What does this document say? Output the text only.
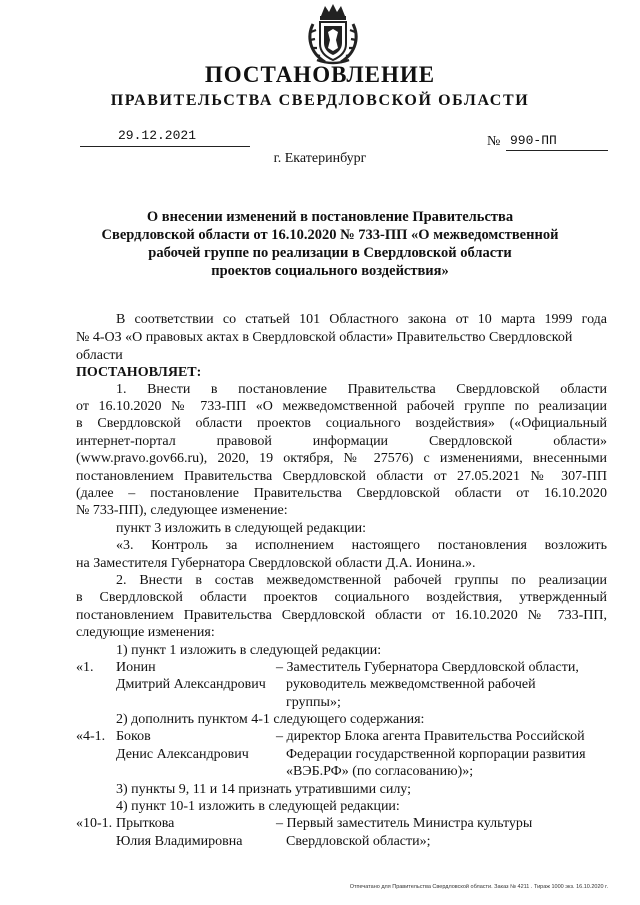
ПОСТАНОВЛЕНИЕ
ПРАВИТЕЛЬСТВА СВЕРДЛОВСКОЙ ОБЛАСТИ
29.12.2021	№ 990-ПП
г. Екатеринбург
О внесении изменений в постановление Правительства
Свердловской области от 16.10.2020 № 733-ПП «О межведомственной
рабочей группе по реализации в Свердловской области
проектов социального воздействия»
В соответствии со статьей 101 Областного закона от 10 марта 1999 года
№ 4-ОЗ «О правовых актах в Свердловской области» Правительство Свердловской
области
ПОСТАНОВЛЯЕТ:
1. Внести в постановление Правительства Свердловской области
от 16.10.2020 № 733-ПП «О межведомственной рабочей группе по реализации
в Свердловской области проектов социального воздействия» («Официальный
интернет-портал правовой информации Свердловской области»
(www.pravo.gov66.ru), 2020, 19 октября, № 27576) с изменениями, внесенными
постановлением Правительства Свердловской области от 27.05.2021 № 307-ПП
(далее – постановление Правительства Свердловской области от 16.10.2020
№ 733-ПП), следующее изменение:
пункт 3 изложить в следующей редакции:
«3. Контроль за исполнением настоящего постановления возложить
на Заместителя Губернатора Свердловской области Д.А. Ионина.».
2. Внести в состав межведомственной рабочей группы по реализации
в Свердловской области проектов социального воздействия, утвержденный
постановлением Правительства Свердловской области от 16.10.2020 № 733-ПП,
следующие изменения:
1) пункт 1 изложить в следующей редакции:
«1. Ионин
Дмитрий Александрович
– Заместитель Губернатора Свердловской области,
руководитель межведомственной рабочей
группы»;
2) дополнить пунктом 4-1 следующего содержания:
«4-1. Боков
Денис Александрович
– директор Блока агента Правительства Российской
Федерации государственной корпорации развития
«ВЭБ.РФ» (по согласованию)»;
3) пункты 9, 11 и 14 признать утратившими силу;
4) пункт 10-1 изложить в следующей редакции:
«10-1. Прыткова
Юлия Владимировна
– Первый заместитель Министра культуры
Свердловской области»;
Отпечатано для Правительства Свердловской области. Заказ № 4211 . Тираж 1000 экз. 16.10.2020 г.
